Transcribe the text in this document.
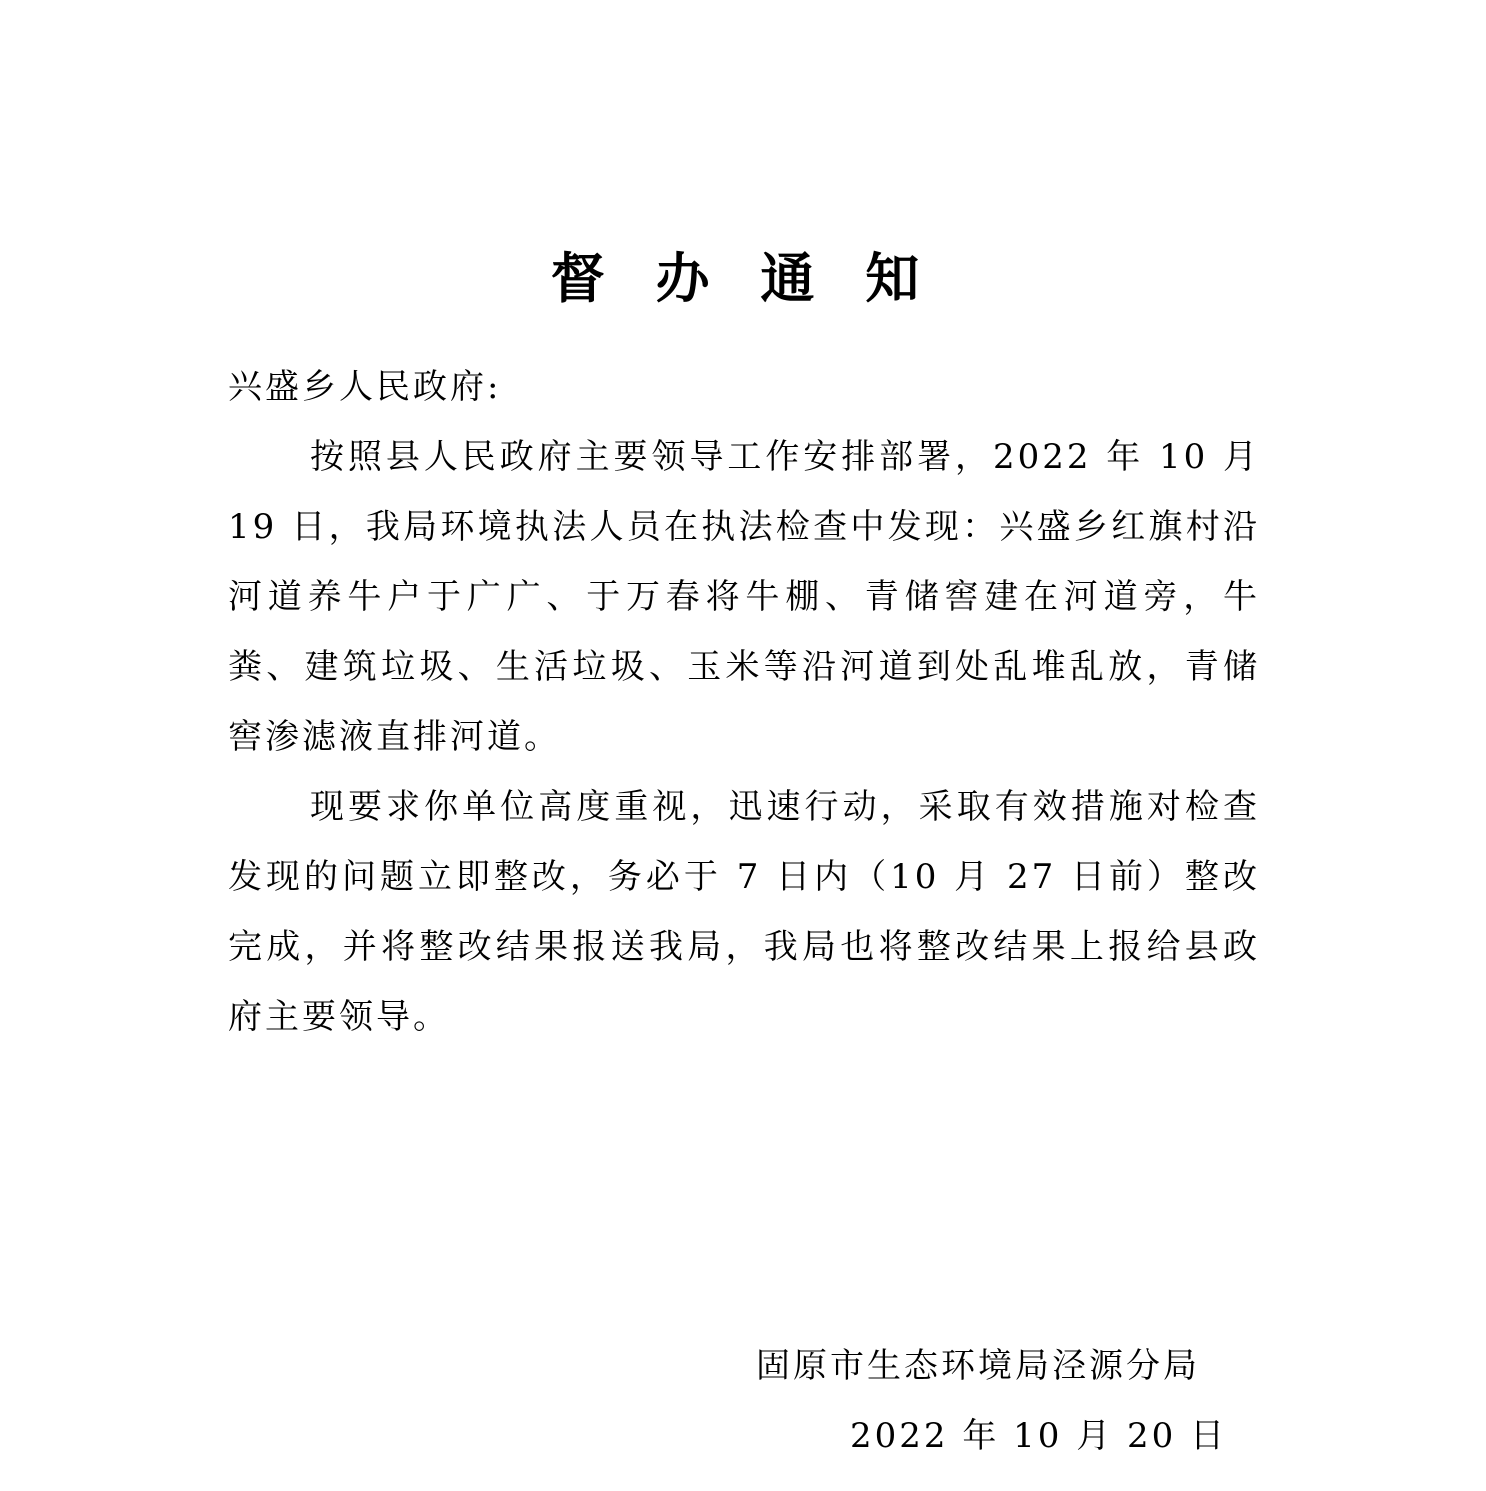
督 办 通 知
兴盛乡人民政府:
按照县人民政府主要领导工作安排部署，2022 年 10 月 19 日，我局环境执法人员在执法检查中发现：兴盛乡红旗村沿河道养牛户于广广、于万春将牛棚、青储窖建在河道旁，牛粪、建筑垃圾、生活垃圾、玉米等沿河道到处乱堆乱放，青储窖渗滤液直排河道。
现要求你单位高度重视，迅速行动，采取有效措施对检查发现的问题立即整改，务必于 7 日内（10 月 27 日前）整改完成，并将整改结果报送我局，我局也将整改结果上报给县政府主要领导。
固原市生态环境局泾源分局
2022 年 10 月 20 日
